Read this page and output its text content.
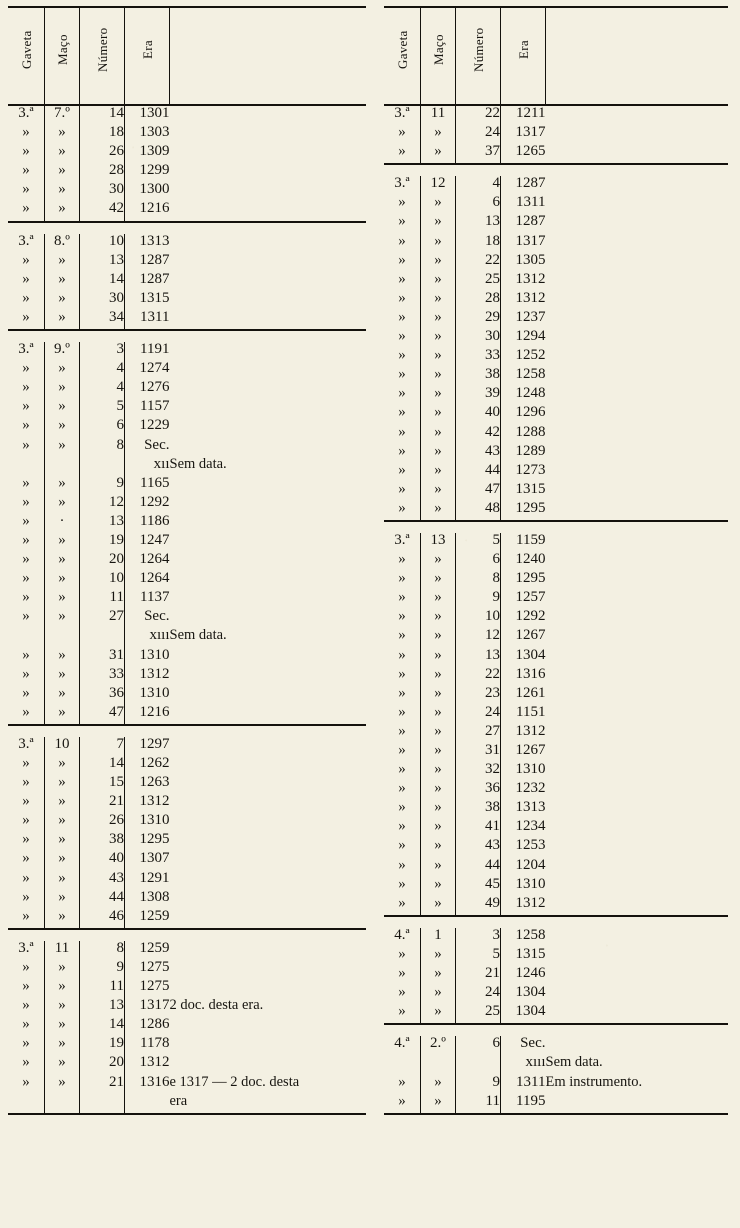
Gaveta	Maço	Número	Era	

3.ª	7.º	14	1301	
»	»	18	1303	
»	»	26	1309	
»	»	28	1299	
»	»	30	1300	
»	»	42	1216	

3.ª	8.º	10	1313	
»	»	13	1287	
»	»	14	1287	
»	»	30	1315	
»	»	34	1311	

3.ª	9.º	3	1191	
»	»	4	1274	
»	»	4	1276	
»	»	5	1157	
»	»	6	1229	
»	»	8	Sec.	
			xıı	Sem data.
»	»	9	1165	
»	»	12	1292	
»	·	13	1186	
»	»	19	1247	
»	»	20	1264	
»	»	10	1264	
»	»	11	1137	
»	»	27	Sec.	
			xııı	Sem data.
»	»	31	1310	
»	»	33	1312	
»	»	36	1310	
»	»	47	1216	

3.ª	10	7	1297	
»	»	14	1262	
»	»	15	1263	
»	»	21	1312	
»	»	26	1310	
»	»	38	1295	
»	»	40	1307	
»	»	43	1291	
»	»	44	1308	
»	»	46	1259	

3.ª	11	8	1259	
»	»	9	1275	
»	»	11	1275	
»	»	13	1317	2 doc. desta era.
»	»	14	1286	
»	»	19	1178	
»	»	20	1312	
»	»	21	1316	e 1317 — 2 doc. desta
				era
Gaveta	Maço	Número	Era	

3.ª	11	22	1211	
»	»	24	1317	
»	»	37	1265	

3.ª	12	4	1287	
»	»	6	1311	
»	»	13	1287	
»	»	18	1317	
»	»	22	1305	
»	»	25	1312	
»	»	28	1312	
»	»	29	1237	
»	»	30	1294	
»	»	33	1252	
»	»	38	1258	
»	»	39	1248	
»	»	40	1296	
»	»	42	1288	
»	»	43	1289	
»	»	44	1273	
»	»	47	1315	
»	»	48	1295	

3.ª	13	5	1159	
»	»	6	1240	
»	»	8	1295	
»	»	9	1257	
»	»	10	1292	
»	»	12	1267	
»	»	13	1304	
»	»	22	1316	
»	»	23	1261	
»	»	24	1151	
»	»	27	1312	
»	»	31	1267	
»	»	32	1310	
»	»	36	1232	
»	»	38	1313	
»	»	41	1234	
»	»	43	1253	
»	»	44	1204	
»	»	45	1310	
»	»	49	1312	

4.ª	1	3	1258	
»	»	5	1315	
»	»	21	1246	
»	»	24	1304	
»	»	25	1304	

4.ª	2.º	6	Sec.	
			xııı	Sem data.
»	»	9	1311	Em instrumento.
»	»	11	1195	
